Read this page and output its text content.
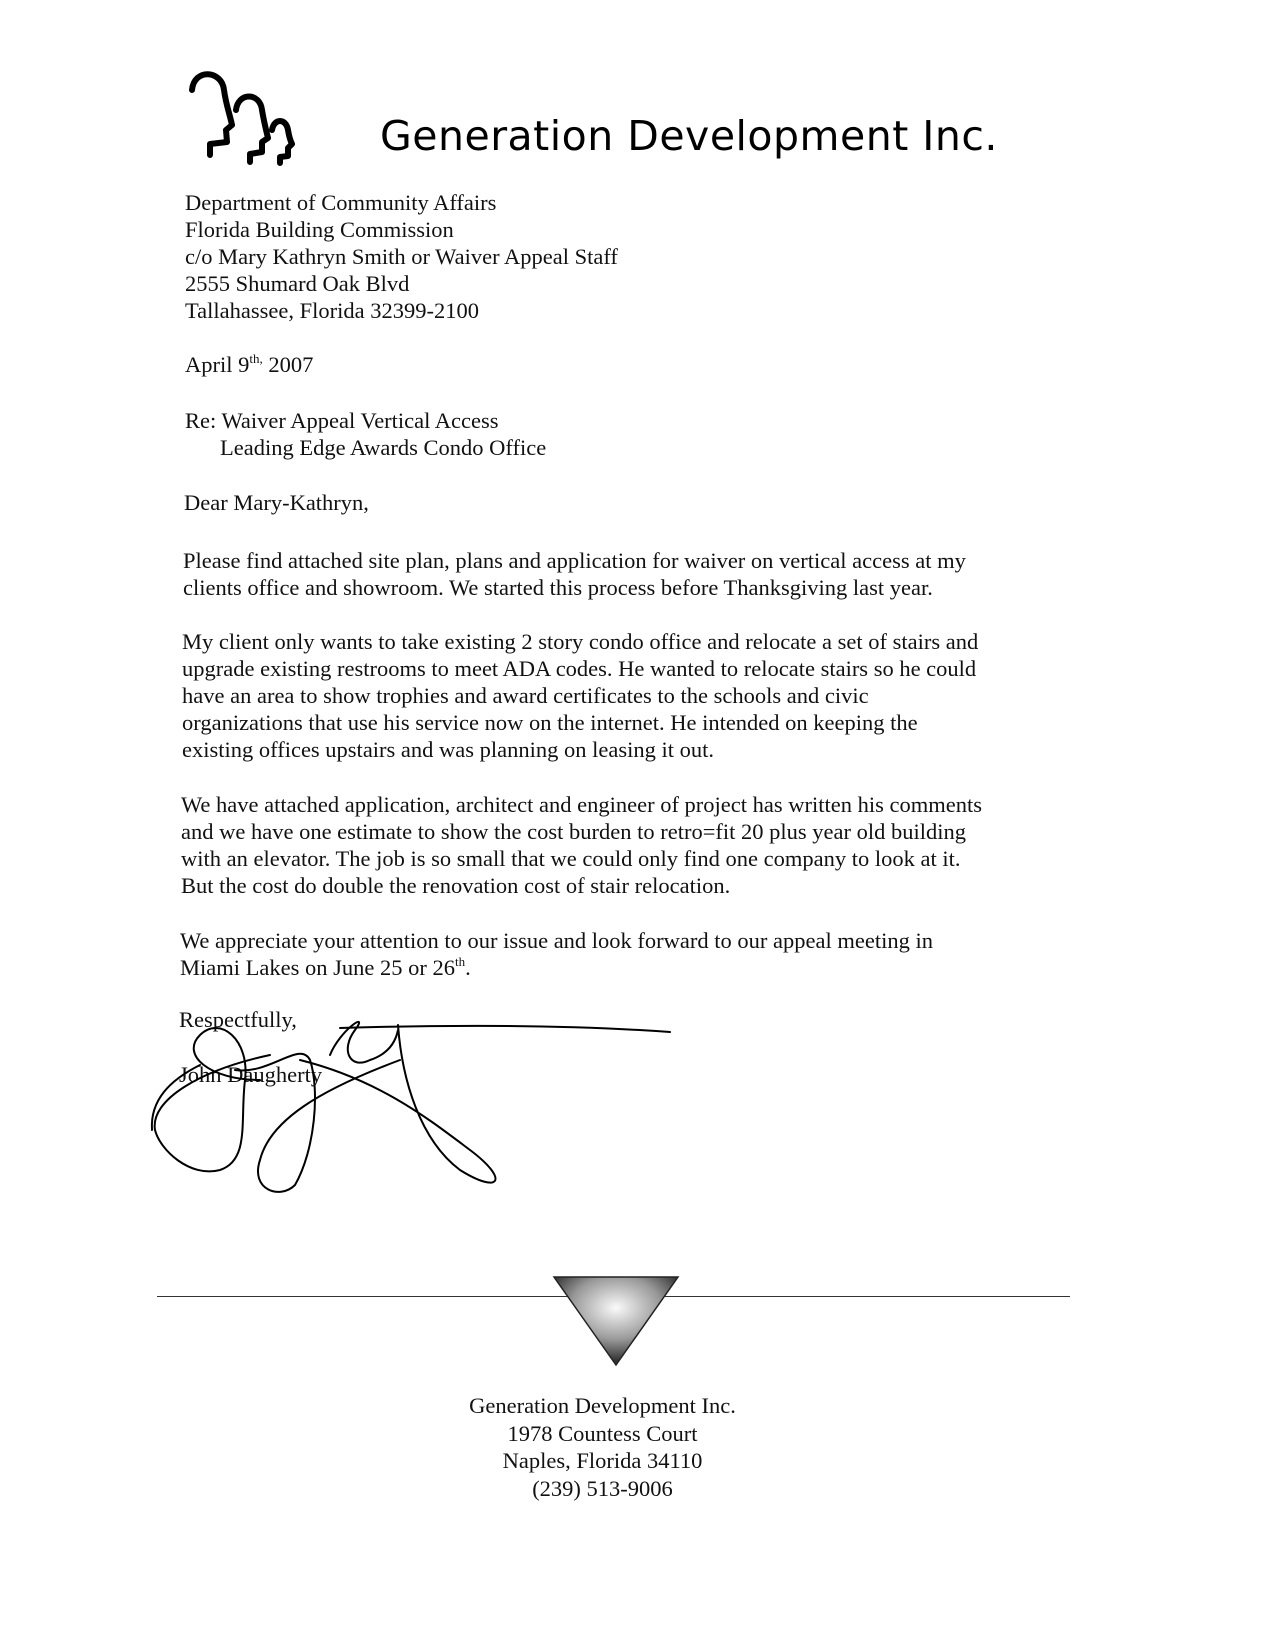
Generation Development Inc.
Department of Community Affairs
Florida Building Commission
c/o Mary Kathryn Smith or Waiver Appeal Staff
2555 Shumard Oak Blvd
Tallahassee, Florida 32399-2100
April $9^{th,}$ 2007
Re: Waiver Appeal Vertical Access
Leading Edge Awards Condo Office
Dear Mary-Kathryn,
Please find attached site plan, plans and application for waiver on vertical access at my
clients office and showroom. We started this process before Thanksgiving last year.
My client only wants to take existing 2 story condo office and relocate a set of stairs and
upgrade existing restrooms to meet ADA codes. He wanted to relocate stairs so he could
have an area to show trophies and award certificates to the schools and civic
organizations that use his service now on the internet. He intended on keeping the
existing offices upstairs and was planning on leasing it out.
We have attached application, architect and engineer of project has written his comments
and we have one estimate to show the cost burden to retro=fit 20 plus year old building
with an elevator. The job is so small that we could only find one company to look at it.
But the cost do double the renovation cost of stair relocation.
We appreciate your attention to our issue and look forward to our appeal meeting in
Miami Lakes on June 25 or 26th.
Respectfully,
John Daugherty
Generation Development Inc.
1978 Countess Court
Naples, Florida 34110
(239) 513-9006
